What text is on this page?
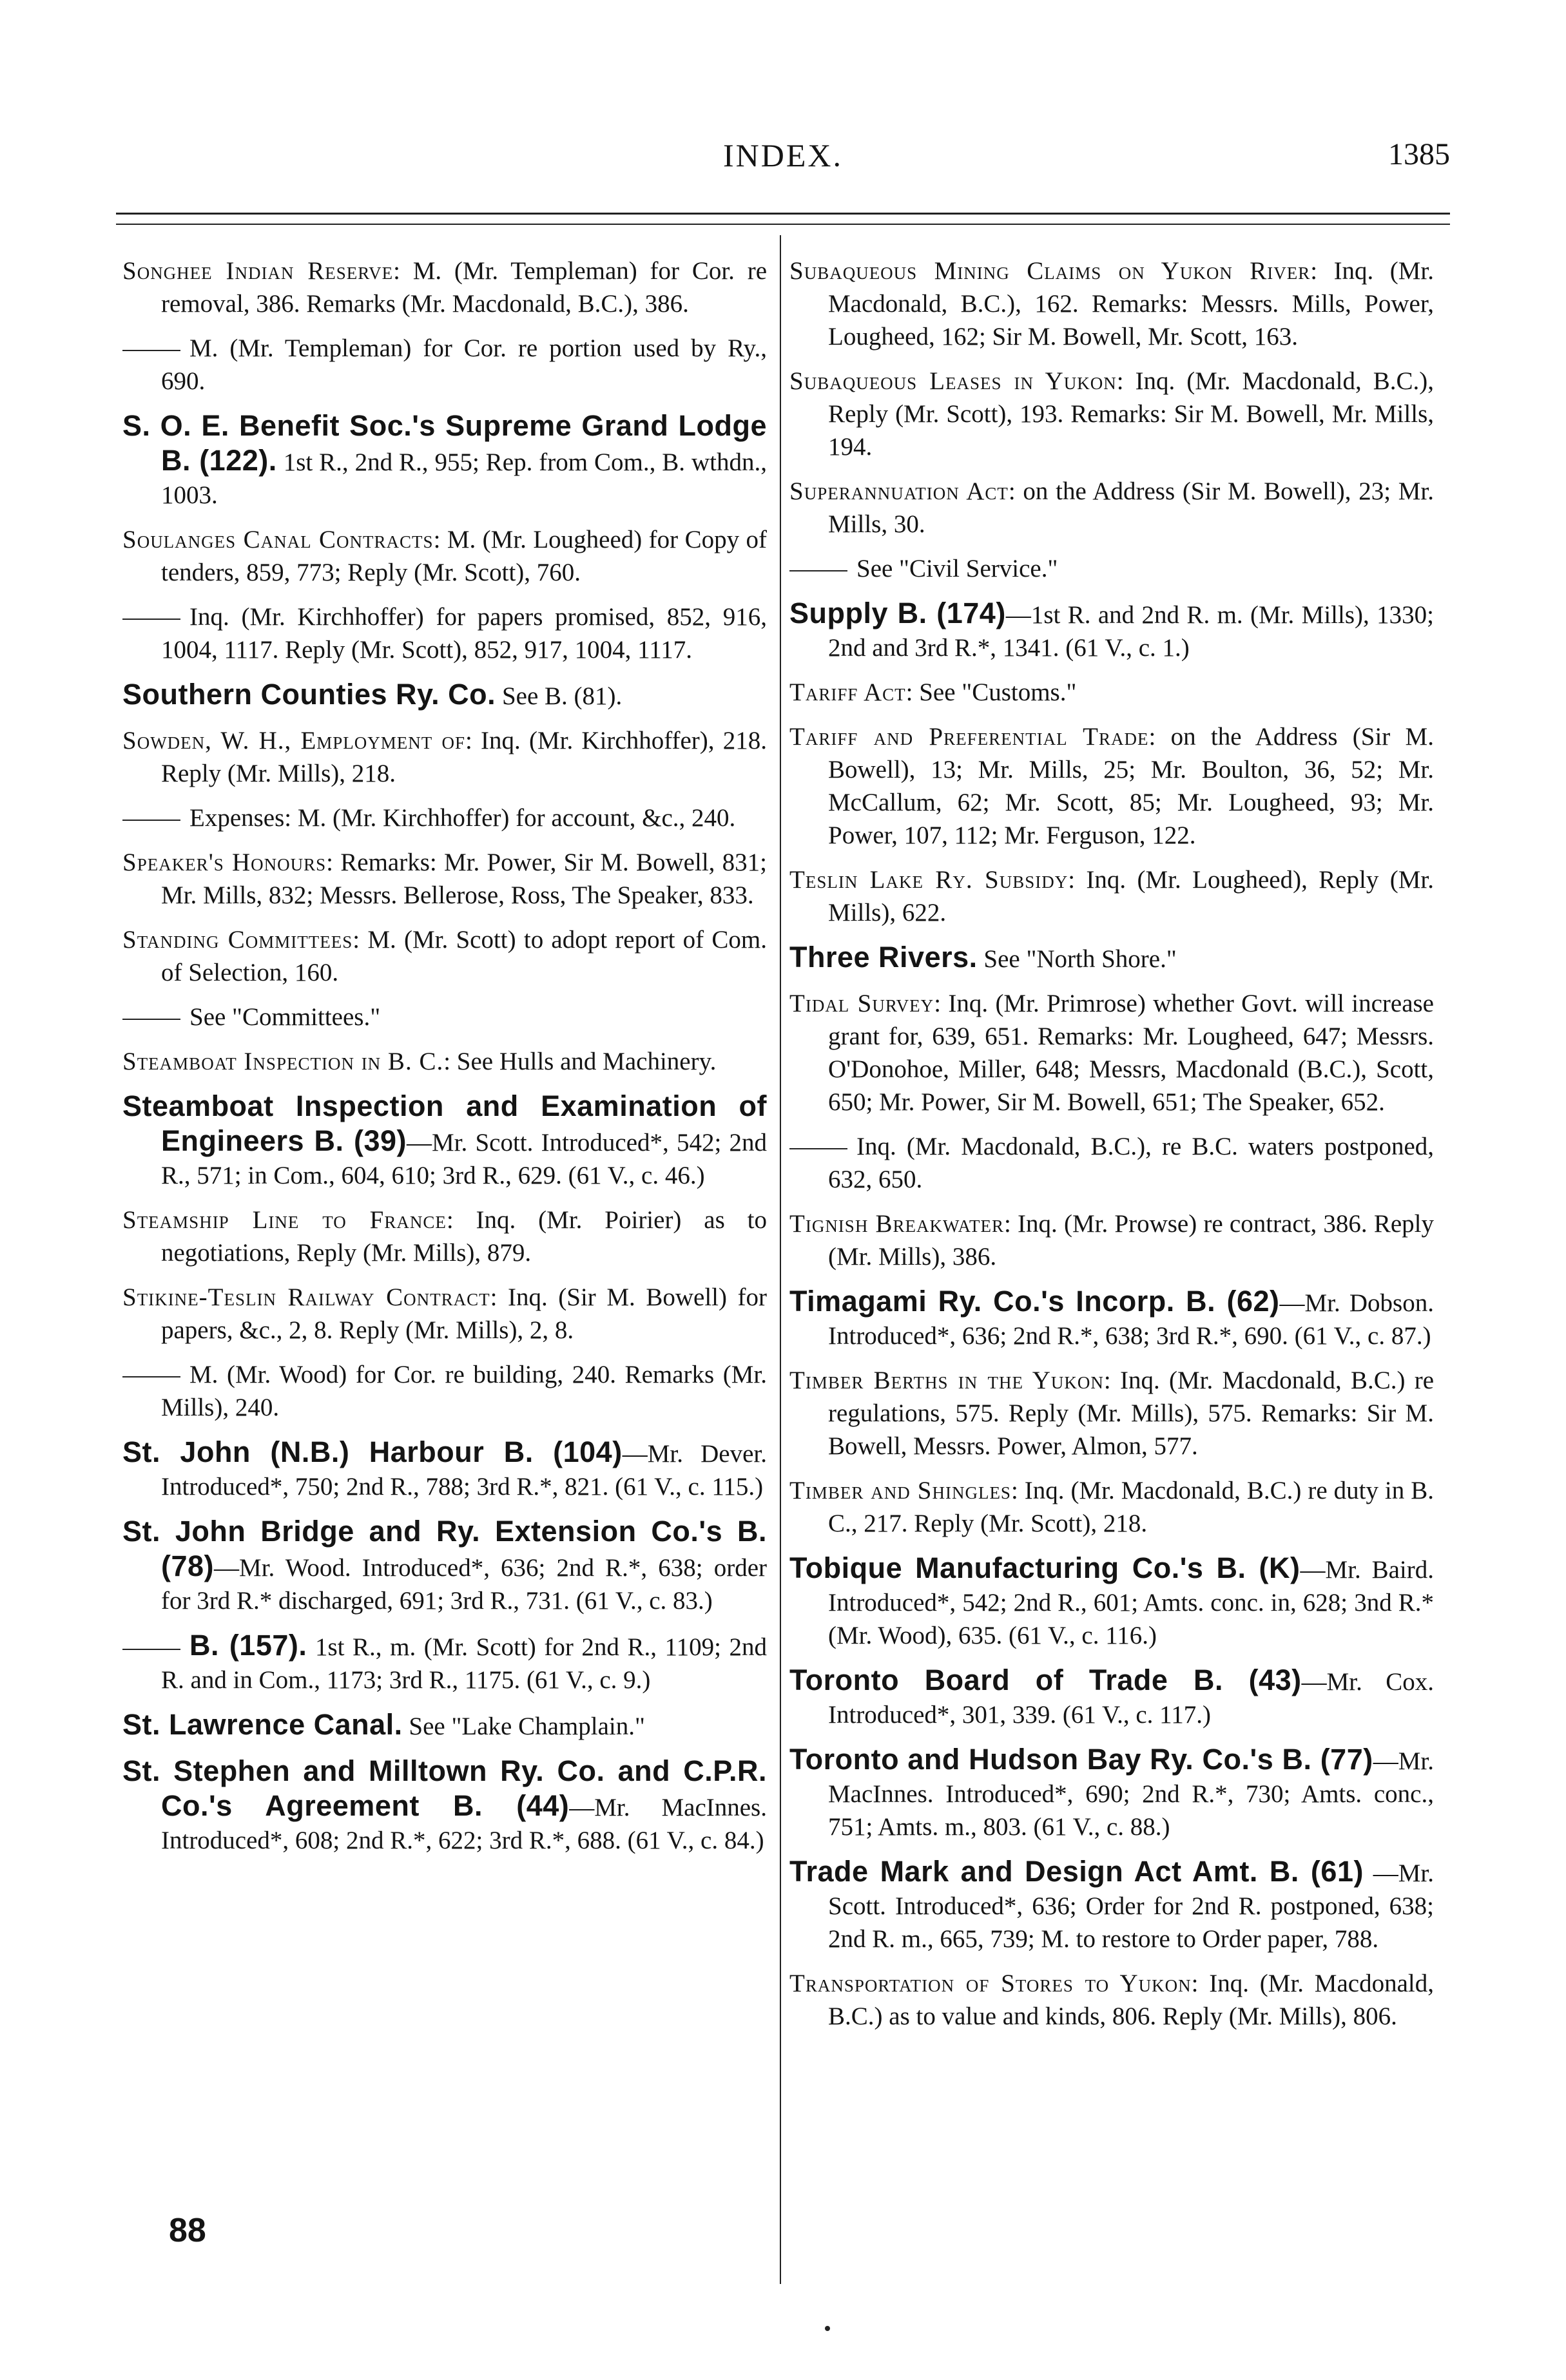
INDEX.	1385
Songhee Indian Reserve: M. (Mr. Templeman) for Cor. re removal, 386. Remarks (Mr. Macdonald, B.C.), 386.
M. (Mr. Templeman) for Cor. re portion used by Ry., 690.
S. O. E. Benefit Soc.'s Supreme Grand Lodge B. (122). 1st R., 2nd R., 955; Rep. from Com., B. wthdn., 1003.
Soulanges Canal Contracts: M. (Mr. Lougheed) for Copy of tenders, 859, 773; Reply (Mr. Scott), 760.
Inq. (Mr. Kirchhoffer) for papers promised, 852, 916, 1004, 1117. Reply (Mr. Scott), 852, 917, 1004, 1117.
Southern Counties Ry. Co. See B. (81).
Sowden, W. H., Employment of: Inq. (Mr. Kirchhoffer), 218. Reply (Mr. Mills), 218.
Expenses: M. (Mr. Kirchhoffer) for account, &c., 240.
Speaker's Honours: Remarks: Mr. Power, Sir M. Bowell, 831; Mr. Mills, 832; Messrs. Bellerose, Ross, The Speaker, 833.
Standing Committees: M. (Mr. Scott) to adopt report of Com. of Selection, 160.
See "Committees."
Steamboat Inspection in B. C.: See Hulls and Machinery.
Steamboat Inspection and Examination of Engineers B. (39)—Mr. Scott. Introduced*, 542; 2nd R., 571; in Com., 604, 610; 3rd R., 629. (61 V., c. 46.)
Steamship Line to France: Inq. (Mr. Poirier) as to negotiations, Reply (Mr. Mills), 879.
Stikine-Teslin Railway Contract: Inq. (Sir M. Bowell) for papers, &c., 2, 8. Reply (Mr. Mills), 2, 8.
M. (Mr. Wood) for Cor. re building, 240. Remarks (Mr. Mills), 240.
St. John (N.B.) Harbour B. (104)—Mr. Dever. Introduced*, 750; 2nd R., 788; 3rd R.*, 821. (61 V., c. 115.)
St. John Bridge and Ry. Extension Co.'s B. (78)—Mr. Wood. Introduced*, 636; 2nd R.*, 638; order for 3rd R.* discharged, 691; 3rd R., 731. (61 V., c. 83.)
B. (157). 1st R., m. (Mr. Scott) for 2nd R., 1109; 2nd R. and in Com., 1173; 3rd R., 1175. (61 V., c. 9.)
St. Lawrence Canal. See "Lake Champlain."
St. Stephen and Milltown Ry. Co. and C.P.R. Co.'s Agreement B. (44)—Mr. MacInnes. Introduced*, 608; 2nd R.*, 622; 3rd R.*, 688. (61 V., c. 84.)
Subaqueous Mining Claims on Yukon River: Inq. (Mr. Macdonald, B.C.), 162. Remarks: Messrs. Mills, Power, Lougheed, 162; Sir M. Bowell, Mr. Scott, 163.
Subaqueous Leases in Yukon: Inq. (Mr. Macdonald, B.C.), Reply (Mr. Scott), 193. Remarks: Sir M. Bowell, Mr. Mills, 194.
Superannuation Act: on the Address (Sir M. Bowell), 23; Mr. Mills, 30.
See "Civil Service."
Supply B. (174)—1st R. and 2nd R. m. (Mr. Mills), 1330; 2nd and 3rd R.*, 1341. (61 V., c. 1.)
Tariff Act: See "Customs."
Tariff and Preferential Trade: on the Address (Sir M. Bowell), 13; Mr. Mills, 25; Mr. Boulton, 36, 52; Mr. McCallum, 62; Mr. Scott, 85; Mr. Lougheed, 93; Mr. Power, 107, 112; Mr. Ferguson, 122.
Teslin Lake Ry. Subsidy: Inq. (Mr. Lougheed), Reply (Mr. Mills), 622.
Three Rivers. See "North Shore."
Tidal Survey: Inq. (Mr. Primrose) whether Govt. will increase grant for, 639, 651. Remarks: Mr. Lougheed, 647; Messrs. O'Donohoe, Miller, 648; Messrs, Macdonald (B.C.), Scott, 650; Mr. Power, Sir M. Bowell, 651; The Speaker, 652.
Inq. (Mr. Macdonald, B.C.), re B.C. waters postponed, 632, 650.
Tignish Breakwater: Inq. (Mr. Prowse) re contract, 386. Reply (Mr. Mills), 386.
Timagami Ry. Co.'s Incorp. B. (62)—Mr. Dobson. Introduced*, 636; 2nd R.*, 638; 3rd R.*, 690. (61 V., c. 87.)
Timber Berths in the Yukon: Inq. (Mr. Macdonald, B.C.) re regulations, 575. Reply (Mr. Mills), 575. Remarks: Sir M. Bowell, Messrs. Power, Almon, 577.
Timber and Shingles: Inq. (Mr. Macdonald, B.C.) re duty in B. C., 217. Reply (Mr. Scott), 218.
Tobique Manufacturing Co.'s B. (K)—Mr. Baird. Introduced*, 542; 2nd R., 601; Amts. conc. in, 628; 3nd R.* (Mr. Wood), 635. (61 V., c. 116.)
Toronto Board of Trade B. (43)—Mr. Cox. Introduced*, 301, 339. (61 V., c. 117.)
Toronto and Hudson Bay Ry. Co.'s B. (77)—Mr. MacInnes. Introduced*, 690; 2nd R.*, 730; Amts. conc., 751; Amts. m., 803. (61 V., c. 88.)
Trade Mark and Design Act Amt. B. (61) —Mr. Scott. Introduced*, 636; Order for 2nd R. postponed, 638; 2nd R. m., 665, 739; M. to restore to Order paper, 788.
Transportation of Stores to Yukon: Inq. (Mr. Macdonald, B.C.) as to value and kinds, 806. Reply (Mr. Mills), 806.
88
